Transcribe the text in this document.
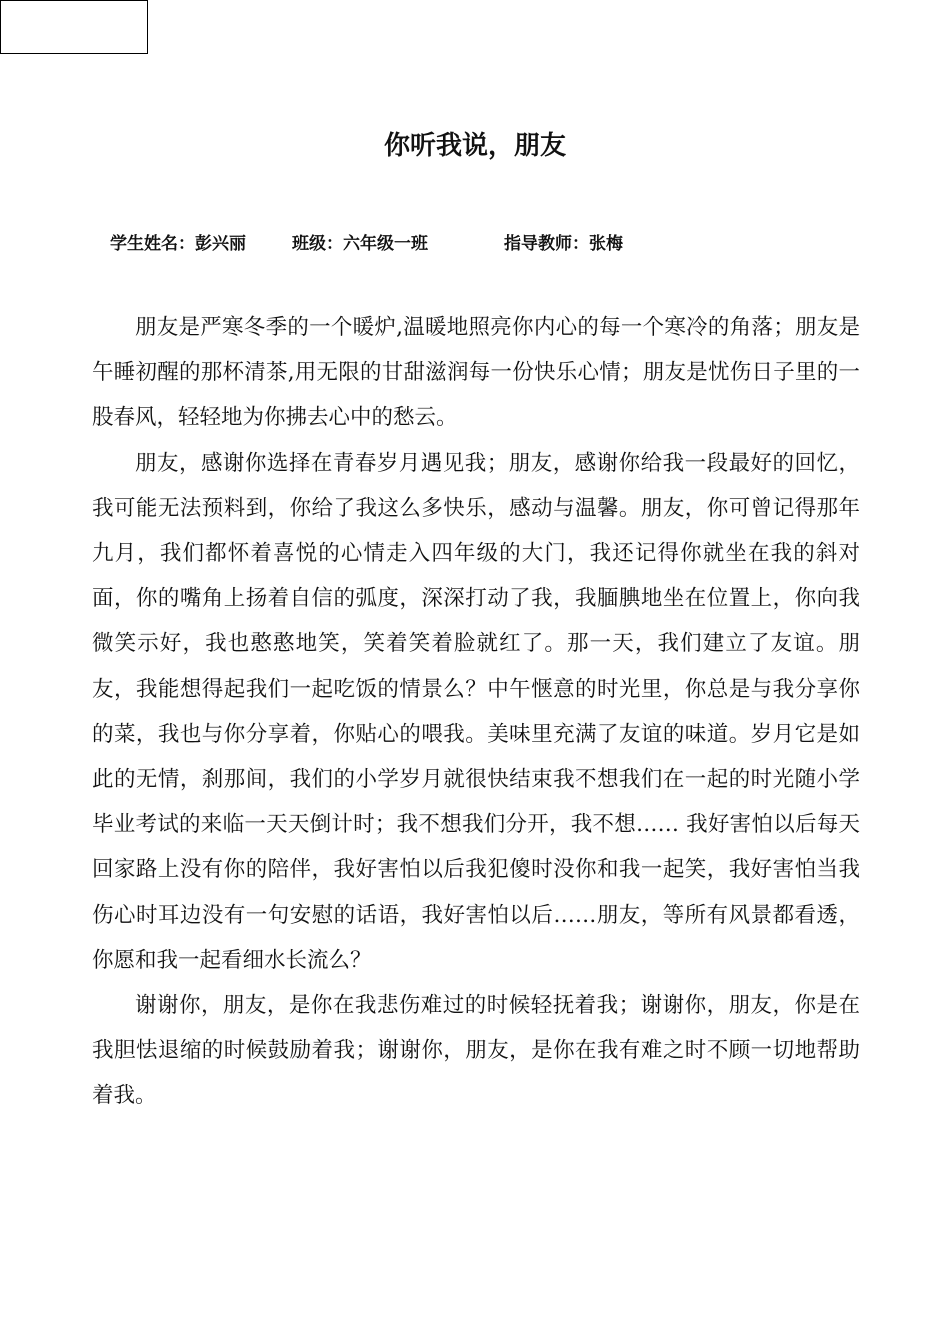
你听我说，朋友
学生姓名：彭兴丽	班级：六年级一班	指导教师：张梅

朋友是严寒冬季的一个暖炉,温暖地照亮你内心的每一个寒冷的角落；朋友是午睡初醒的那杯清茶,用无限的甘甜滋润每一份快乐心情；朋友是忧伤日子里的一股春风，轻轻地为你拂去心中的愁云。

朋友，感谢你选择在青春岁月遇见我；朋友，感谢你给我一段最好的回忆，我可能无法预料到，你给了我这么多快乐，感动与温馨。朋友，你可曾记得那年九月，我们都怀着喜悦的心情走入四年级的大门，我还记得你就坐在我的斜对面，你的嘴角上扬着自信的弧度，深深打动了我，我腼腆地坐在位置上，你向我微笑示好，我也憨憨地笑，笑着笑着脸就红了。那一天，我们建立了友谊。朋友，我能想得起我们一起吃饭的情景么？中午惬意的时光里，你总是与我分享你的菜，我也与你分享着，你贴心的喂我。美味里充满了友谊的味道。岁月它是如此的无情，刹那间，我们的小学岁月就很快结束我不想我们在一起的时光随小学毕业考试的来临一天天倒计时；我不想我们分开，我不想…… 我好害怕以后每天回家路上没有你的陪伴，我好害怕以后我犯傻时没你和我一起笑，我好害怕当我伤心时耳边没有一句安慰的话语，我好害怕以后……朋友，等所有风景都看透，你愿和我一起看细水长流么？

谢谢你，朋友，是你在我悲伤难过的时候轻抚着我；谢谢你，朋友，你是在我胆怯退缩的时候鼓励着我；谢谢你，朋友，是你在我有难之时不顾一切地帮助着我。
